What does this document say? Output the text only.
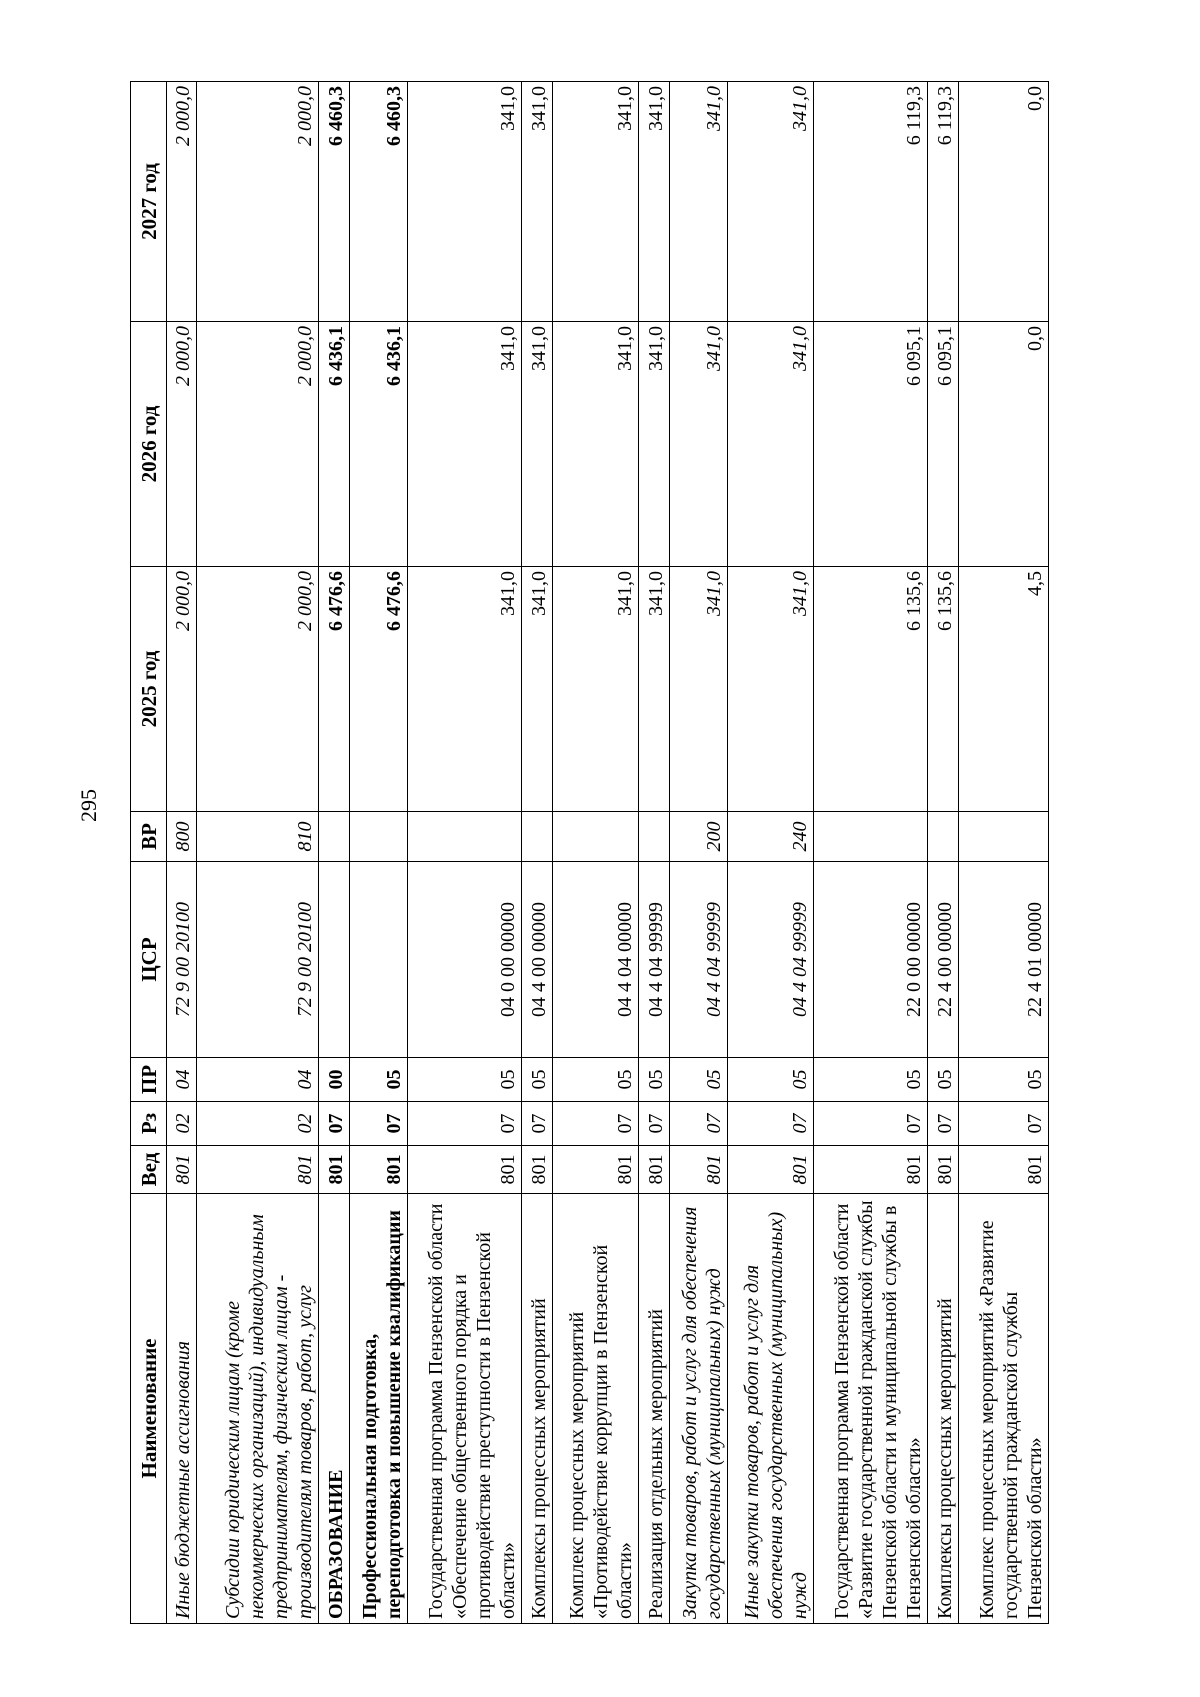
295
Наименование	Вед	Рз	ПР	ЦСР	ВР	2025 год	2026 год	2027 год
Иные бюджетные ассигнования	801	02	04	72 9 00 20100	800	2 000,0	2 000,0	2 000,0
Субсидии юридическим лицам (кроме некоммерческих организаций), индивидуальным предпринимателям, физическим лицам - производителям товаров, работ, услуг	801	02	04	72 9 00 20100	810	2 000,0	2 000,0	2 000,0
ОБРАЗОВАНИЕ	801	07	00			6 476,6	6 436,1	6 460,3
Профессиональная подготовка, переподготовка и повышение квалификации	801	07	05			6 476,6	6 436,1	6 460,3
Государственная программа Пензенской области «Обеспечение общественного порядка и противодействие преступности в Пензенской области»	801	07	05	04 0 00 00000		341,0	341,0	341,0
Комплексы процессных мероприятий	801	07	05	04 4 00 00000		341,0	341,0	341,0
Комплекс процессных мероприятий «Противодействие коррупции в Пензенской области»	801	07	05	04 4 04 00000		341,0	341,0	341,0
Реализация отдельных мероприятий	801	07	05	04 4 04 99999		341,0	341,0	341,0
Закупка товаров, работ и услуг для обеспечения государственных (муниципальных) нужд	801	07	05	04 4 04 99999	200	341,0	341,0	341,0
Иные закупки товаров, работ и услуг для обеспечения государственных (муниципальных) нужд	801	07	05	04 4 04 99999	240	341,0	341,0	341,0
Государственная программа Пензенской области «Развитие государственной гражданской службы Пензенской области и муниципальной службы в Пензенской области»	801	07	05	22 0 00 00000		6 135,6	6 095,1	6 119,3
Комплексы процессных мероприятий	801	07	05	22 4 00 00000		6 135,6	6 095,1	6 119,3
Комплекс процессных мероприятий «Развитие государственной гражданской службы Пензенской области»	801	07	05	22 4 01 00000		4,5	0,0	0,0
